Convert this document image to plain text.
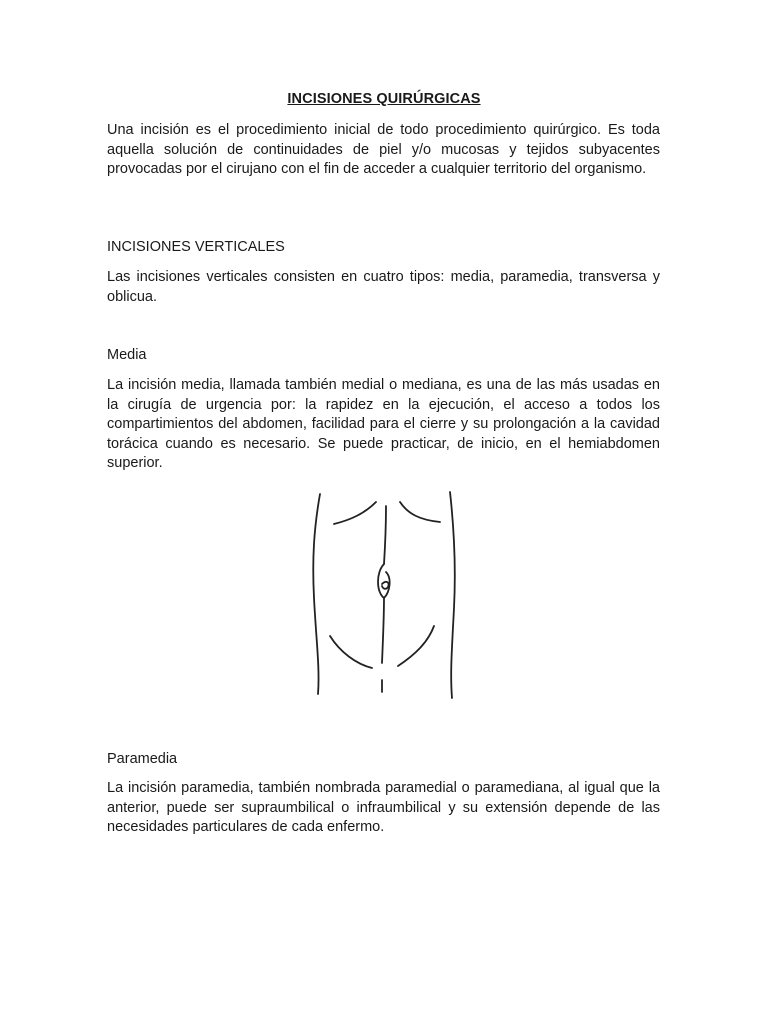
INCISIONES QUIRÚRGICAS

Una incisión es el procedimiento inicial de todo procedimiento quirúrgico. Es toda aquella solución de continuidades de piel y/o mucosas y tejidos subyacentes provocadas por el cirujano con el fin de acceder a cualquier territorio del organismo.

INCISIONES VERTICALES

Las incisiones verticales consisten en cuatro tipos: media, paramedia, transversa y oblicua.

Media

La incisión media, llamada también medial o mediana, es una de las más usadas en la cirugía de urgencia por: la rapidez en la ejecución, el acceso a todos los compartimientos del abdomen, facilidad para el cierre y su prolongación a la cavidad torácica cuando es necesario. Se puede practicar, de inicio, en el hemiabdomen superior.

Paramedia

La incisión paramedia, también nombrada paramedial o paramediana, al igual que la anterior, puede ser supraumbilical o infraumbilical y su extensión depende de las necesidades particulares de cada enfermo.
